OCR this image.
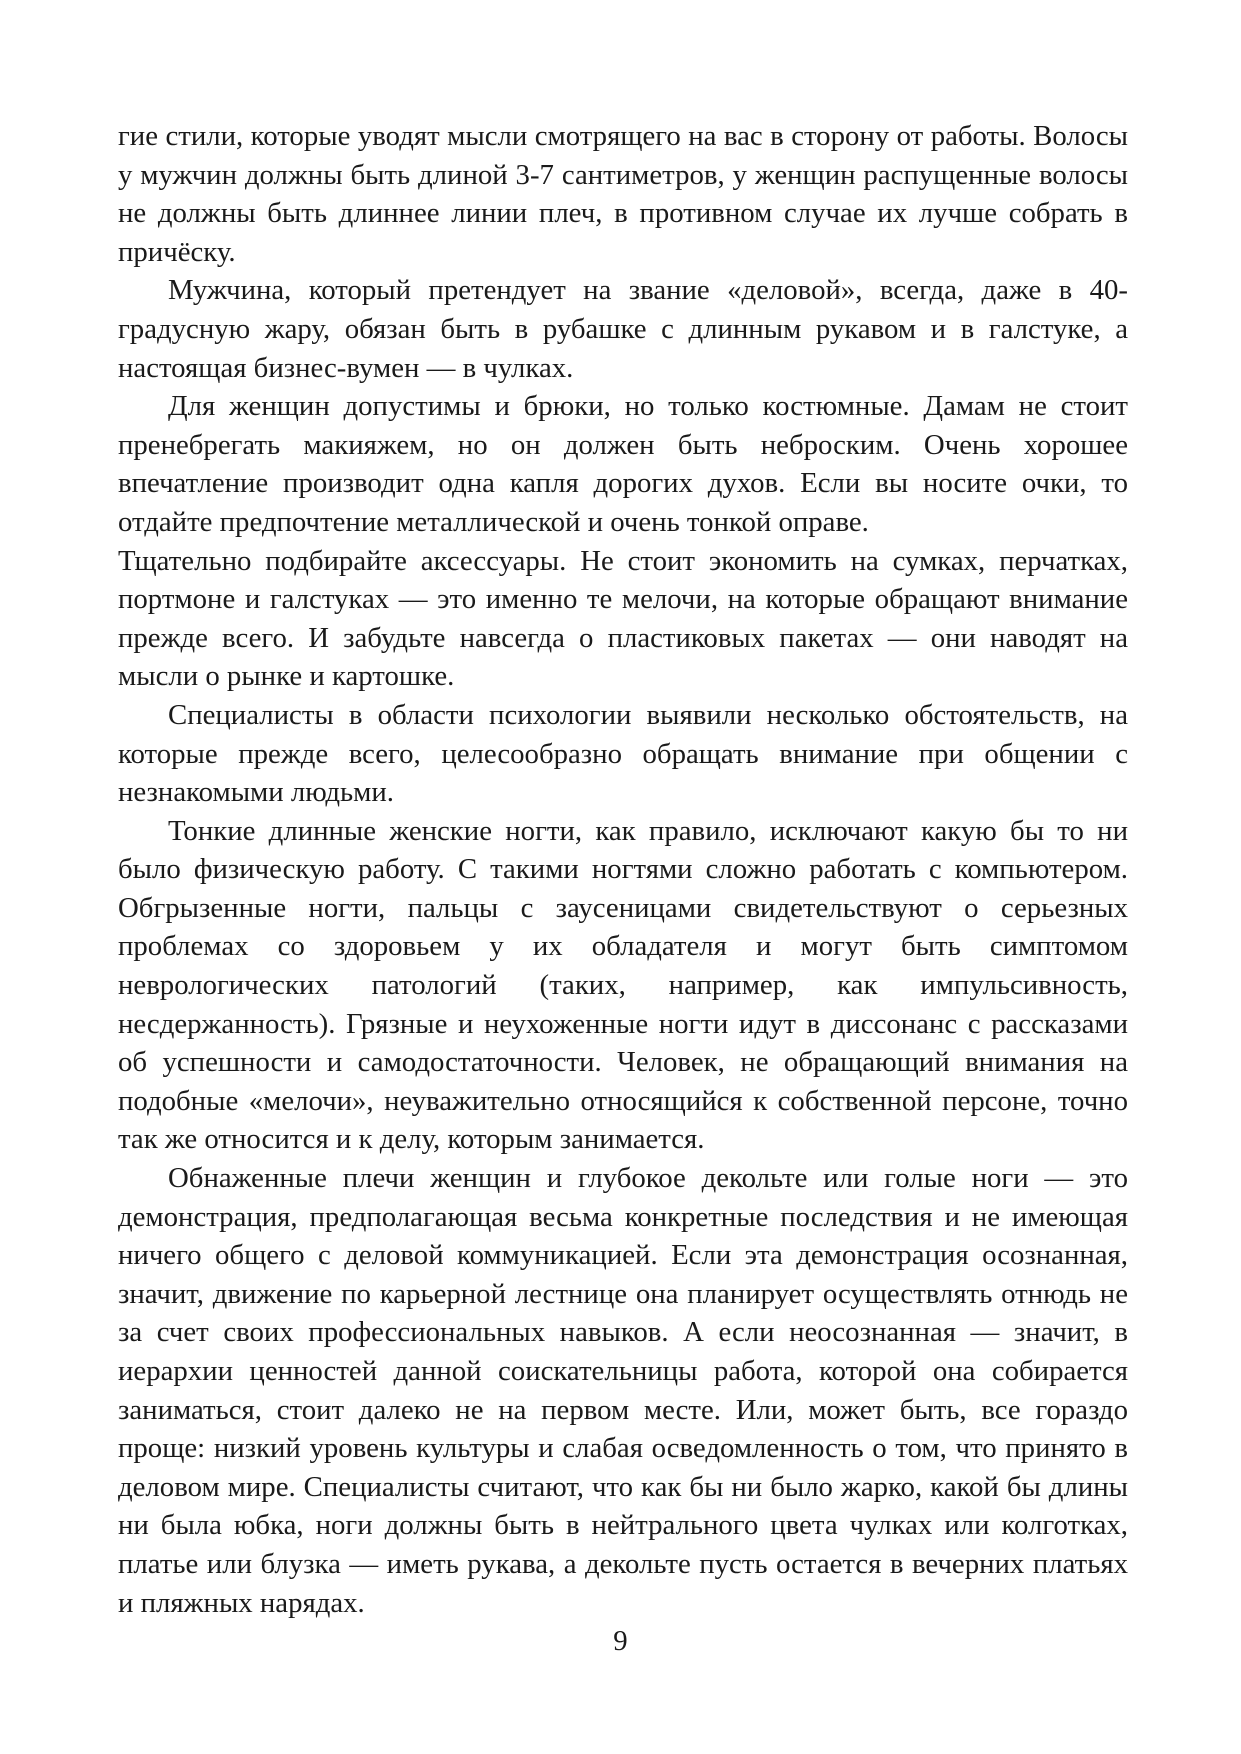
гие стили, которые уводят мысли смотрящего на вас в сторону от работы. Волосы у мужчин должны быть длиной 3-7 сантиметров, у женщин распущенные волосы не должны быть длиннее линии плеч, в противном случае их лучше собрать в причёску.

Мужчина, который претендует на звание «деловой», всегда, даже в 40-градусную жару, обязан быть в рубашке с длинным рукавом и в галстуке, а настоящая бизнес-вумен — в чулках.

Для женщин допустимы и брюки, но только костюмные. Дамам не стоит пренебрегать макияжем, но он должен быть неброским. Очень хорошее впечатление производит одна капля дорогих духов. Если вы носите очки, то отдайте предпочтение металлической и очень тонкой оправе.

Тщательно подбирайте аксессуары. Не стоит экономить на сумках, перчатках, портмоне и галстуках — это именно те мелочи, на которые обращают внимание прежде всего. И забудьте навсегда о пластиковых пакетах — они наводят на мысли о рынке и картошке.

Специалисты в области психологии выявили несколько обстоятельств, на которые прежде всего, целесообразно обращать внимание при общении с незнакомыми людьми.

Тонкие длинные женские ногти, как правило, исключают какую бы то ни было физическую работу. С такими ногтями сложно работать с компьютером. Обгрызенные ногти, пальцы с заусеницами свидетельствуют о серьезных проблемах со здоровьем у их обладателя и могут быть симптомом неврологических патологий (таких, например, как импульсивность, несдержанность). Грязные и неухоженные ногти идут в диссонанс с рассказами об успешности и самодостаточности. Человек, не обращающий внимания на подобные «мелочи», неуважительно относящийся к собственной персоне, точно так же относится и к делу, которым занимается.

Обнаженные плечи женщин и глубокое декольте или голые ноги — это демонстрация, предполагающая весьма конкретные последствия и не имеющая ничего общего с деловой коммуникацией. Если эта демонстрация осознанная, значит, движение по карьерной лестнице она планирует осуществлять отнюдь не за счет своих профессиональных навыков. А если неосознанная — значит, в иерархии ценностей данной соискательницы работа, которой она собирается заниматься, стоит далеко не на первом месте. Или, может быть, все гораздо проще: низкий уровень культуры и слабая осведомленность о том, что принято в деловом мире. Специалисты считают, что как бы ни было жарко, какой бы длины ни была юбка, ноги должны быть в нейтрального цвета чулках или колготках, платье или блузка — иметь рукава, а декольте пусть остается в вечерних платьях и пляжных нарядах.

9
